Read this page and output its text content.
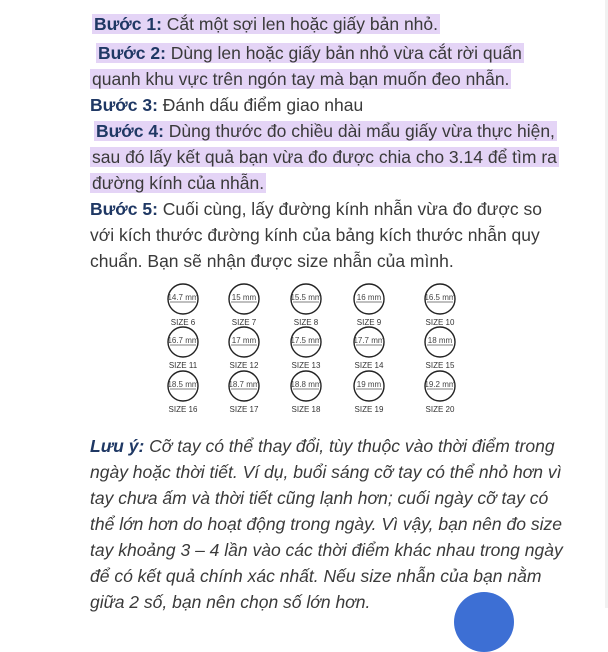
Bước 1: Cắt một sợi len hoặc giấy bản nhỏ.
Bước 2: Dùng len hoặc giấy bản nhỏ vừa cắt rời quấn
quanh khu vực trên ngón tay mà bạn muốn đeo nhẫn.
Bước 3: Đánh dấu điểm giao nhau
Bước 4: Dùng thước đo chiều dài mẩu giấy vừa thực hiện,
sau đó lấy kết quả bạn vừa đo được chia cho 3.14 để tìm ra
đường kính của nhẫn.
Bước 5: Cuối cùng, lấy đường kính nhẫn vừa đo được so
với kích thước đường kính của bảng kích thước nhẫn quy
chuẩn. Bạn sẽ nhận được size nhẫn của mình.
14.7 mm
SIZE 6
15 mm
SIZE 7
15.5 mm
SIZE 8
16 mm
SIZE 9
16.5 mm
SIZE 10
16.7 mm
SIZE 11
17 mm
SIZE 12
17.5 mm
SIZE 13
17.7 mm
SIZE 14
18 mm
SIZE 15
18.5 mm
SIZE 16
18.7 mm
SIZE 17
18.8 mm
SIZE 18
19 mm
SIZE 19
19.2 mm
SIZE 20
Lưu ý: Cỡ tay có thể thay đổi, tùy thuộc vào thời điểm trong
ngày hoặc thời tiết. Ví dụ, buổi sáng cỡ tay có thể nhỏ hơn vì
tay chưa ấm và thời tiết cũng lạnh hơn; cuối ngày cỡ tay có
thể lớn hơn do hoạt động trong ngày. Vì vậy, bạn nên đo size
tay khoảng 3 – 4 lần vào các thời điểm khác nhau trong ngày
để có kết quả chính xác nhất. Nếu size nhẫn của bạn nằm
giữa 2 số, bạn nên chọn số lớn hơn.
